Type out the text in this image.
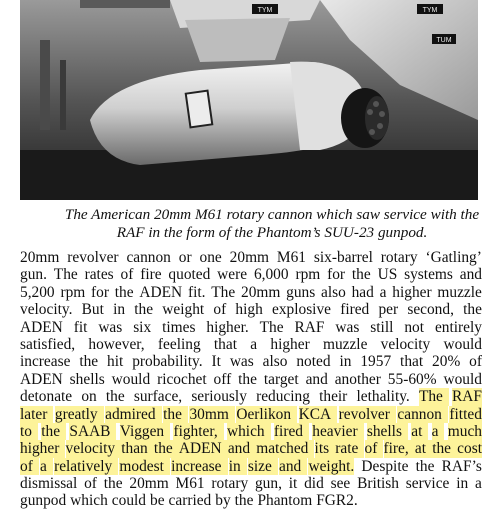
TYM	TYM
TUM
The American 20mm M61 rotary cannon which saw service with the
RAF in the form of the Phantom’s SUU-23 gunpod.
20mm revolver cannon or one 20mm M61 six-barrel rotary ‘Gatling’
gun. The rates of fire quoted were 6,000 rpm for the US systems and
5,200 rpm for the ADEN fit. The 20mm guns also had a higher muzzle
velocity. But in the weight of high explosive fired per second, the
ADEN fit was six times higher. The RAF was still not entirely
satisfied, however, feeling that a higher muzzle velocity would
increase the hit probability. It was also noted in 1957 that 20% of
ADEN shells would ricochet off the target and another 55-60% would
detonate on the surface, seriously reducing their lethality. The RAF
later greatly admired the 30mm Oerlikon KCA revolver cannon fitted
to the SAAB Viggen fighter, which fired heavier shells at a much
higher velocity than the ADEN and matched its rate of fire, at the cost
of a relatively modest increase in size and weight. Despite the RAF’s
dismissal of the 20mm M61 rotary gun, it did see British service in a
gunpod which could be carried by the Phantom FGR2.
